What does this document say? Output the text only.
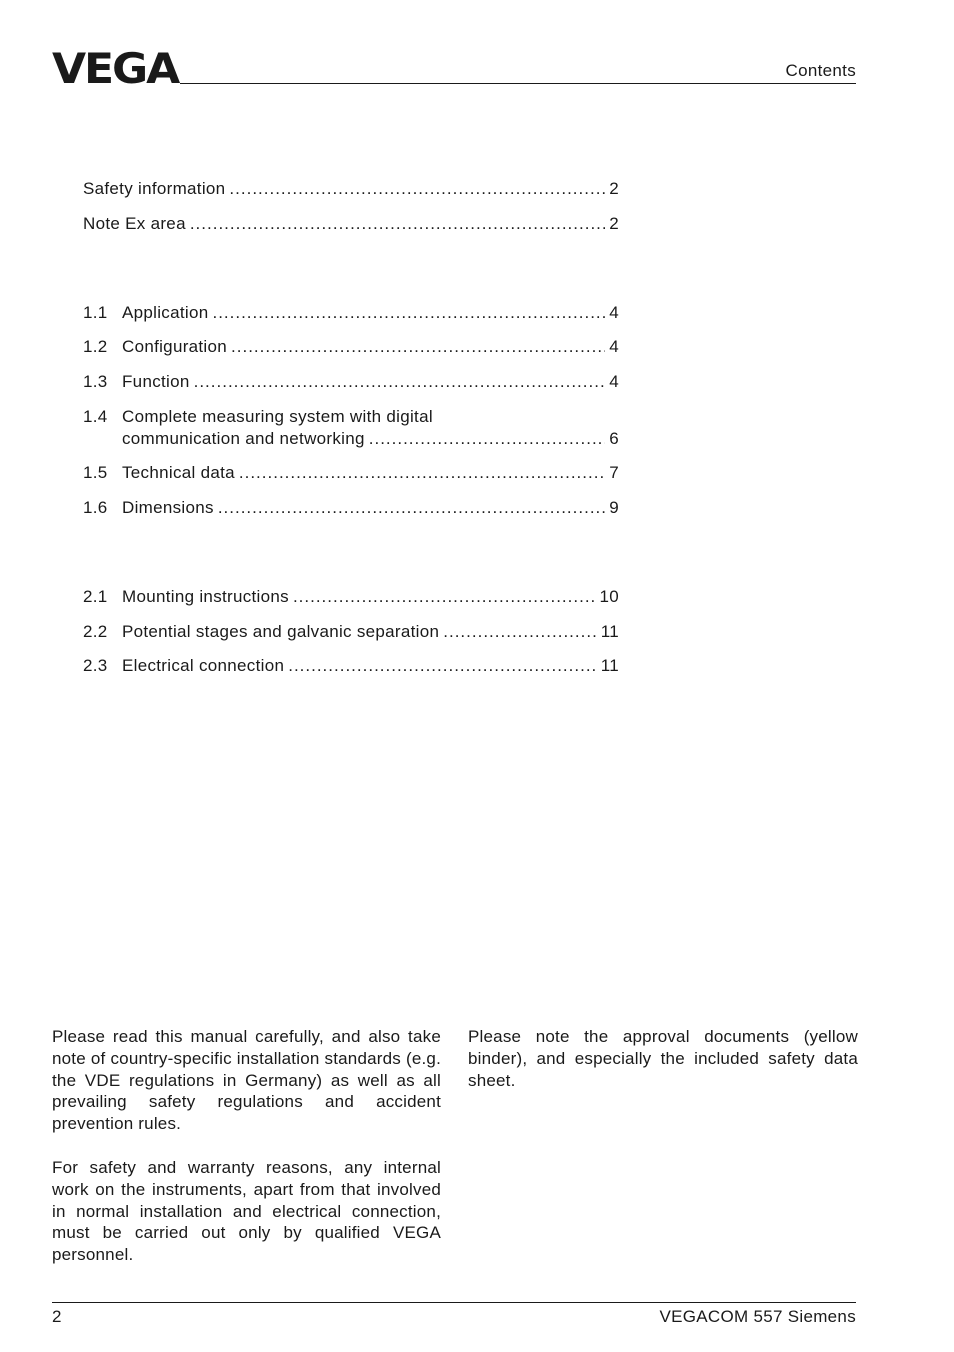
VEGA	Contents
Safety information .....	2
Note Ex area .....	2
1.1 Application .....	4
1.2 Configuration .....	4
1.3 Function .....	4
1.4 Complete measuring system with digital
communication and networking .....	6
1.5 Technical data .....	7
1.6 Dimensions .....	9
2.1 Mounting instructions .....	10
2.2 Potential stages and galvanic separation .....	11
2.3 Electrical connection .....	11

Please read this manual carefully, and also take note of country-specific installation standards (e.g. the VDE regulations in Germany) as well as all prevailing safety regulations and accident prevention rules.

For safety and warranty reasons, any internal work on the instruments, apart from that involved in normal installation and electrical connection, must be carried out only by qualified VEGA personnel.

Please note the approval documents (yellow binder), and especially the included safety data sheet.

2	VEGACOM 557 Siemens
